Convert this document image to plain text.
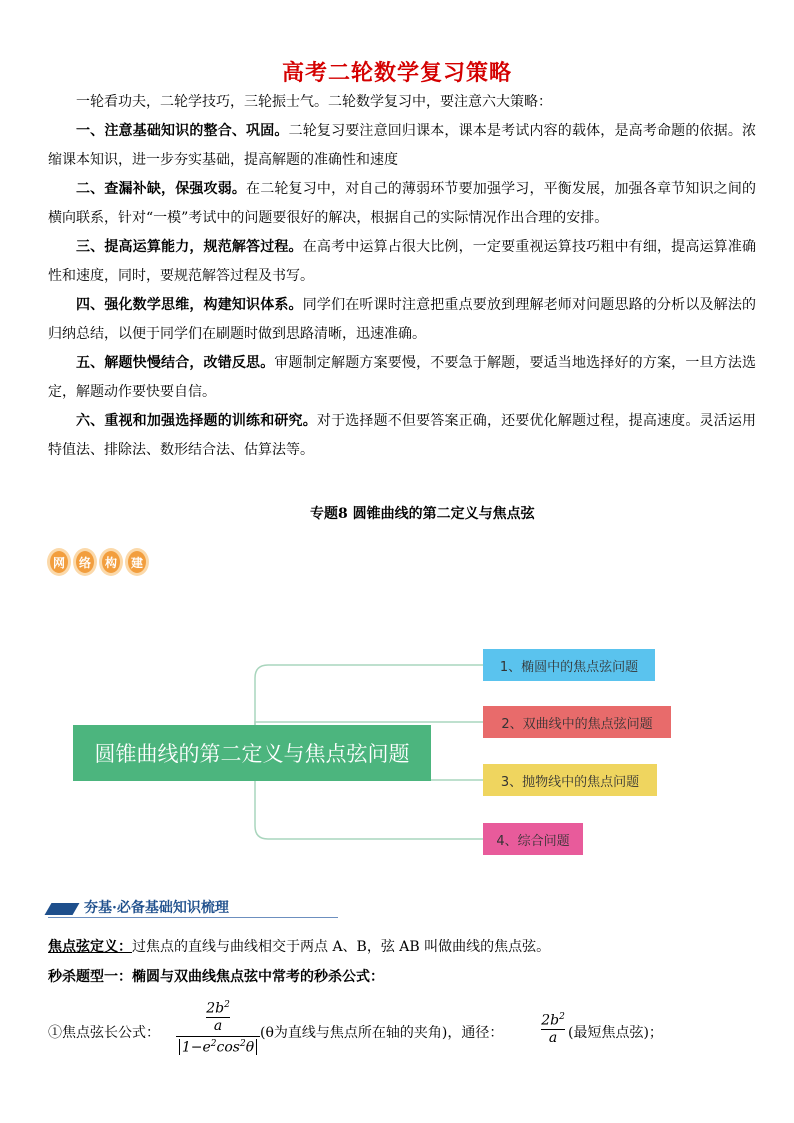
高考二轮数学复习策略
一轮看功夫，二轮学技巧，三轮振士气。二轮数学复习中，要注意六大策略：
一、注意基础知识的整合、巩固。二轮复习要注意回归课本，课本是考试内容的载体，是高考命题的依据。浓缩课本知识，进一步夯实基础，提高解题的准确性和速度
二、查漏补缺，保强攻弱。在二轮复习中，对自己的薄弱环节要加强学习，平衡发展，加强各章节知识之间的横向联系，针对“一模”考试中的问题要很好的解决，根据自己的实际情况作出合理的安排。
三、提高运算能力，规范解答过程。在高考中运算占很大比例，一定要重视运算技巧粗中有细，提高运算准确性和速度，同时，要规范解答过程及书写。
四、强化数学思维，构建知识体系。同学们在听课时注意把重点要放到理解老师对问题思路的分析以及解法的归纳总结，以便于同学们在刷题时做到思路清晰，迅速准确。
五、解题快慢结合，改错反思。审题制定解题方案要慢，不要急于解题，要适当地选择好的方案，一旦方法选定，解题动作要快要自信。
六、重视和加强选择题的训练和研究。对于选择题不但要答案正确，还要优化解题过程，提高速度。灵活运用特值法、排除法、数形结合法、估算法等。
专题8 圆锥曲线的第二定义与焦点弦
网	络	构	建
圆锥曲线的第二定义与焦点弦问题
1、椭圆中的焦点弦问题
2、双曲线中的焦点弦问题
3、抛物线中的焦点问题
4、综合问题
夯基·必备基础知识梳理
焦点弦定义：过焦点的直线与曲线相交于两点 A、B，弦 AB 叫做曲线的焦点弦。
秒杀题型一：椭圆与双曲线焦点弦中常考的秒杀公式：
①焦点弦长公式：	$\frac{2b^2}{a}$
$1-e^2\cos^2\theta$
(θ为直线与焦点所在轴的夹角)，通径：
$2b^2$
a (最短焦点弦)；
